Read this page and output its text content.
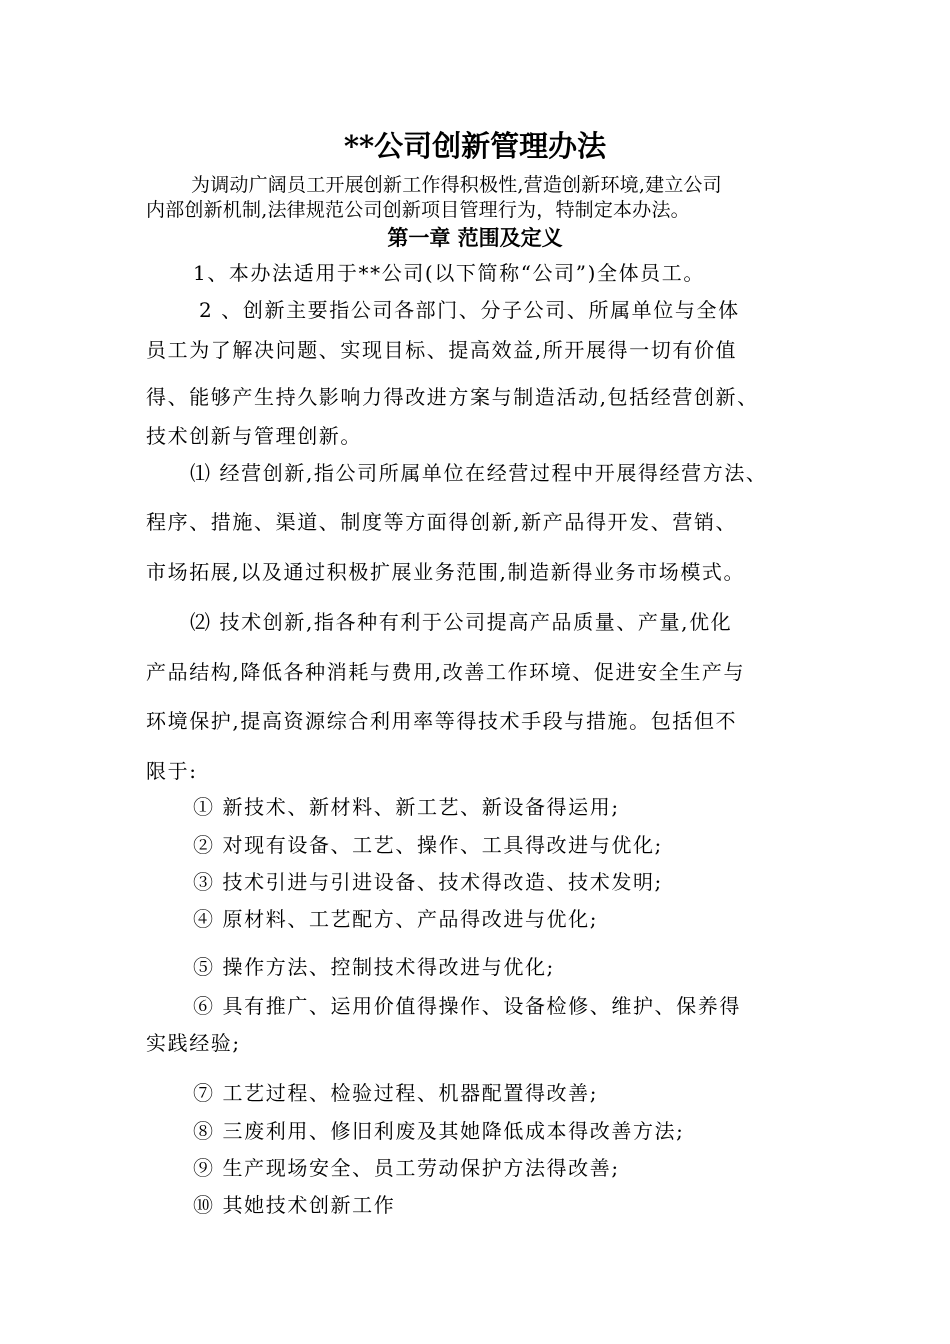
**公司创新管理办法

为调动广阔员工开展创新工作得积极性,营造创新环境,建立公司

内部创新机制,法律规范公司创新项目管理行为，特制定本办法。

第一章 范围及定义

1、本办法适用于**公司(以下简称“公司”)全体员工。

2 、创新主要指公司各部门、分子公司、所属单位与全体

员工为了解决问题、实现目标、提高效益,所开展得一切有价值

得、能够产生持久影响力得改进方案与制造活动,包括经营创新、

技术创新与管理创新。

⑴ 经营创新,指公司所属单位在经营过程中开展得经营方法、

程序、措施、渠道、制度等方面得创新,新产品得开发、营销、

市场拓展,以及通过积极扩展业务范围,制造新得业务市场模式。

⑵ 技术创新,指各种有利于公司提高产品质量、产量,优化

产品结构,降低各种消耗与费用,改善工作环境、促进安全生产与

环境保护,提高资源综合利用率等得技术手段与措施。包括但不

限于:

① 新技术、新材料、新工艺、新设备得运用;

② 对现有设备、工艺、操作、工具得改进与优化;

③ 技术引进与引进设备、技术得改造、技术发明;

④ 原材料、工艺配方、产品得改进与优化;

⑤ 操作方法、控制技术得改进与优化;

⑥ 具有推广、运用价值得操作、设备检修、维护、保养得

实践经验;

⑦ 工艺过程、检验过程、机器配置得改善;

⑧ 三废利用、修旧利废及其她降低成本得改善方法;

⑨ 生产现场安全、员工劳动保护方法得改善;

⑩ 其她技术创新工作
